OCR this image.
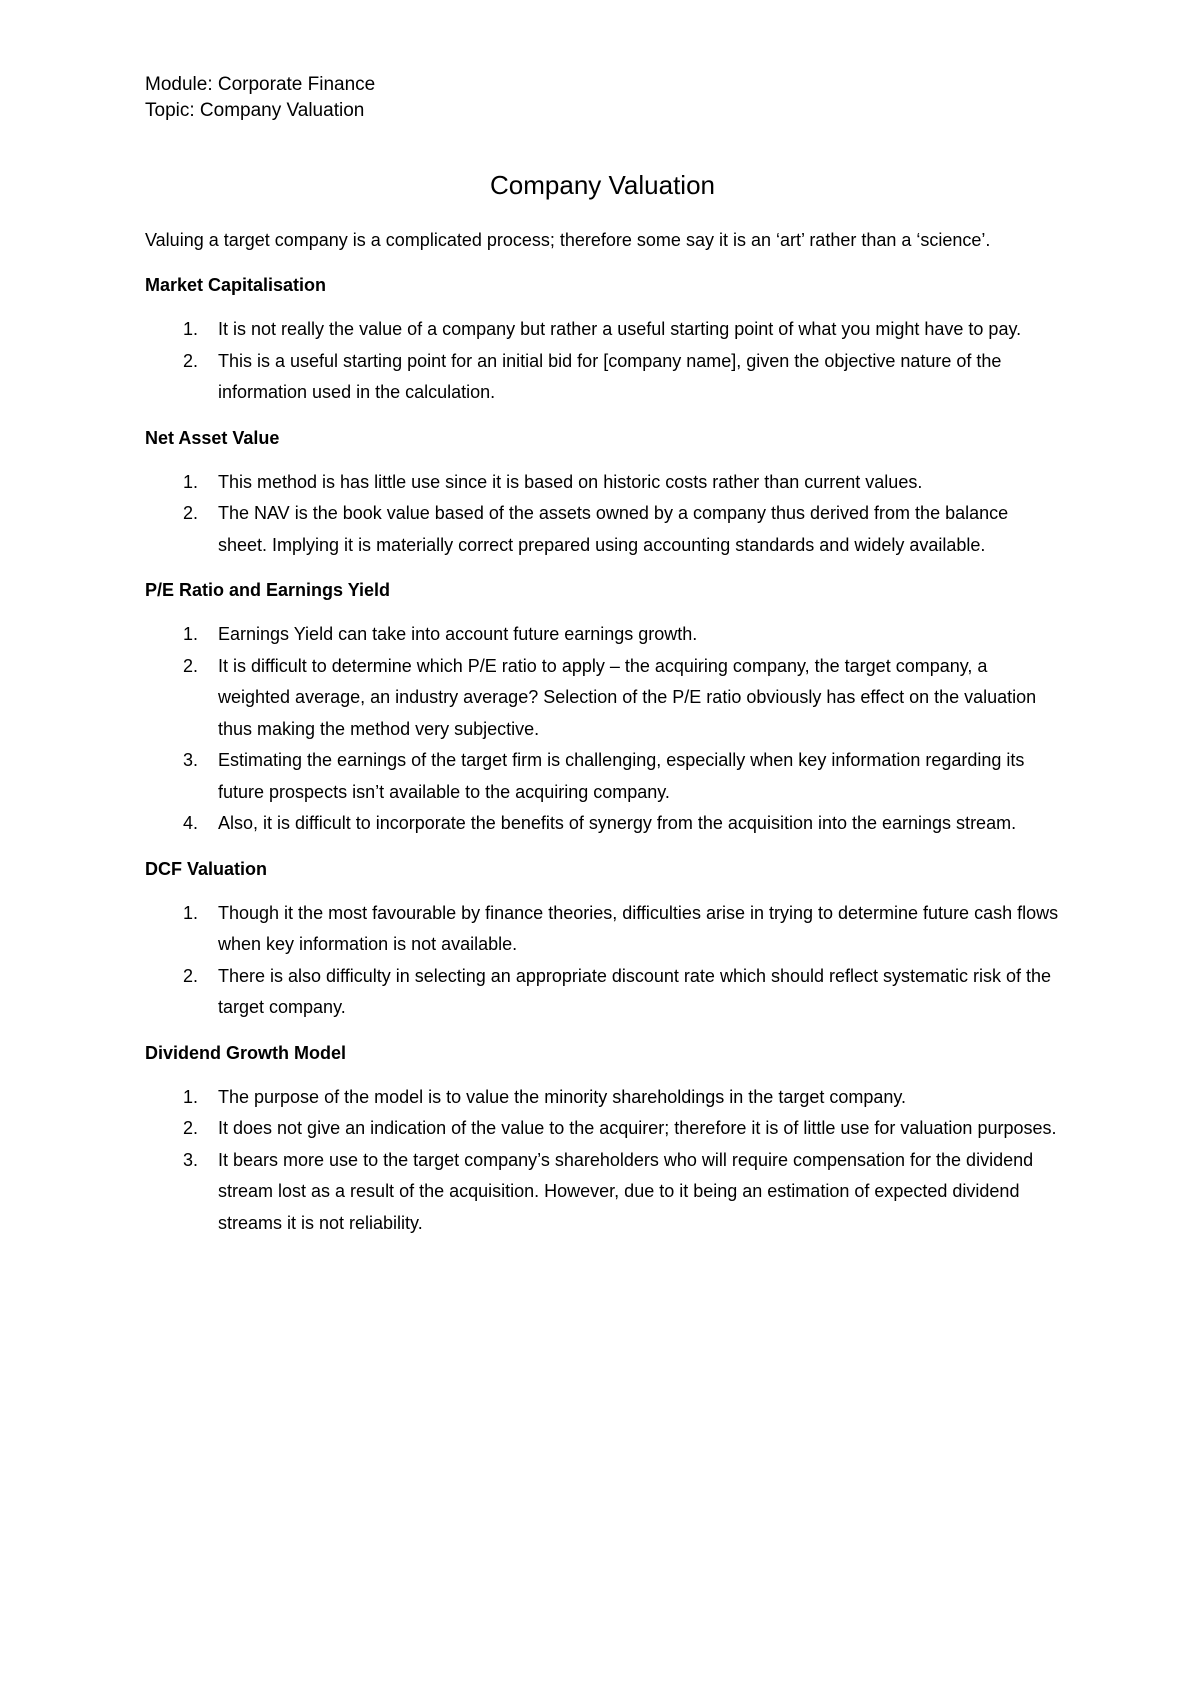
Module: Corporate Finance

Topic: Company Valuation

Company Valuation

Valuing a target company is a complicated process; therefore some say it is an ‘art’ rather than a ‘science’.

Market Capitalisation
1. It is not really the value of a company but rather a useful starting point of what you might have to pay.
2. This is a useful starting point for an initial bid for [company name], given the objective nature of the information used in the calculation.
Net Asset Value
1. This method is has little use since it is based on historic costs rather than current values.
2. The NAV is the book value based of the assets owned by a company thus derived from the balance sheet. Implying it is materially correct prepared using accounting standards and widely available.
P/E Ratio and Earnings Yield
1. Earnings Yield can take into account future earnings growth.
2. It is difficult to determine which P/E ratio to apply – the acquiring company, the target company, a weighted average, an industry average? Selection of the P/E ratio obviously has effect on the valuation thus making the method very subjective.
3. Estimating the earnings of the target firm is challenging, especially when key information regarding its future prospects isn’t available to the acquiring company.
4. Also, it is difficult to incorporate the benefits of synergy from the acquisition into the earnings stream.
DCF Valuation
1. Though it the most favourable by finance theories, difficulties arise in trying to determine future cash flows when key information is not available.
2. There is also difficulty in selecting an appropriate discount rate which should reflect systematic risk of the target company.
Dividend Growth Model
1. The purpose of the model is to value the minority shareholdings in the target company.
2. It does not give an indication of the value to the acquirer; therefore it is of little use for valuation purposes.
3. It bears more use to the target company’s shareholders who will require compensation for the dividend stream lost as a result of the acquisition. However, due to it being an estimation of expected dividend streams it is not reliability.
